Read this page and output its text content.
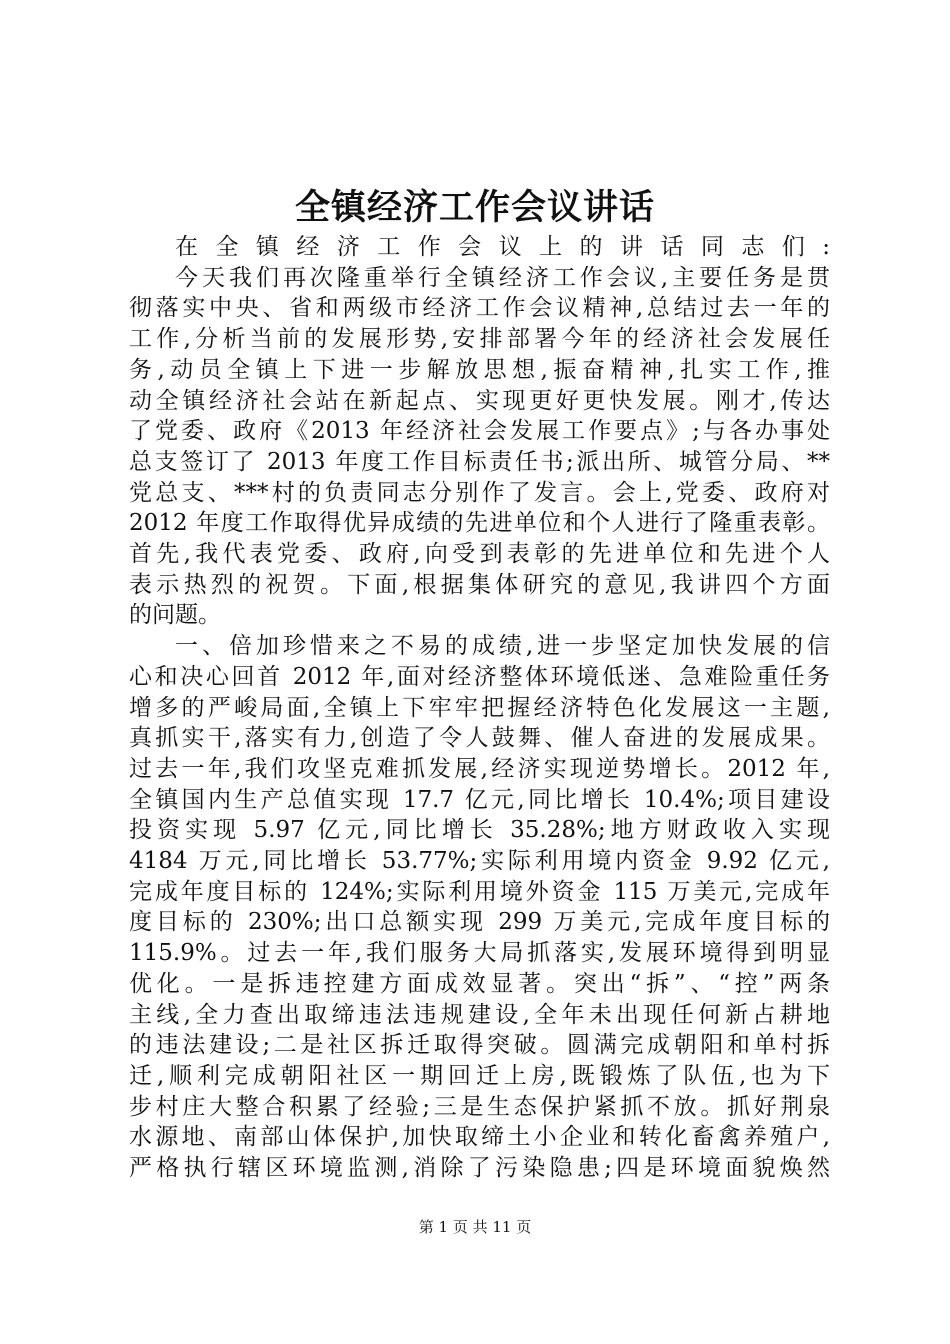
全镇经济工作会议讲话
在全镇经济工作会议上的讲话同志们:
今天我们再次隆重举行全镇经济工作会议,主要任务是贯
彻落实中央、省和两级市经济工作会议精神,总结过去一年的
工作,分析当前的发展形势,安排部署今年的经济社会发展任
务,动员全镇上下进一步解放思想,振奋精神,扎实工作,推
动全镇经济社会站在新起点、实现更好更快发展。刚才,传达
了党委、政府《2013 年经济社会发展工作要点》;与各办事处
总支签订了 2013 年度工作目标责任书;派出所、城管分局、**
党总支、***村的负责同志分别作了发言。会上,党委、政府对
2012 年度工作取得优异成绩的先进单位和个人进行了隆重表彰。
首先,我代表党委、政府,向受到表彰的先进单位和先进个人
表示热烈的祝贺。下面,根据集体研究的意见,我讲四个方面
的问题。
一、倍加珍惜来之不易的成绩,进一步坚定加快发展的信
心和决心回首 2012 年,面对经济整体环境低迷、急难险重任务
增多的严峻局面,全镇上下牢牢把握经济特色化发展这一主题,
真抓实干,落实有力,创造了令人鼓舞、催人奋进的发展成果。
过去一年,我们攻坚克难抓发展,经济实现逆势增长。2012 年,
全镇国内生产总值实现 17.7 亿元,同比增长 10.4%;项目建设
投资实现 5.97 亿元,同比增长 35.28%;地方财政收入实现
4184 万元,同比增长 53.77%;实际利用境内资金 9.92 亿元,
完成年度目标的 124%;实际利用境外资金 115 万美元,完成年
度目标的 230%;出口总额实现 299 万美元,完成年度目标的
115.9%。过去一年,我们服务大局抓落实,发展环境得到明显
优化。一是拆违控建方面成效显著。突出“拆”、“控”两条
主线,全力查出取缔违法违规建设,全年未出现任何新占耕地
的违法建设;二是社区拆迁取得突破。圆满完成朝阳和单村拆
迁,顺利完成朝阳社区一期回迁上房,既锻炼了队伍,也为下
步村庄大整合积累了经验;三是生态保护紧抓不放。抓好荆泉
水源地、南部山体保护,加快取缔土小企业和转化畜禽养殖户,
严格执行辖区环境监测,消除了污染隐患;四是环境面貌焕然
第 1 页 共 11 页
